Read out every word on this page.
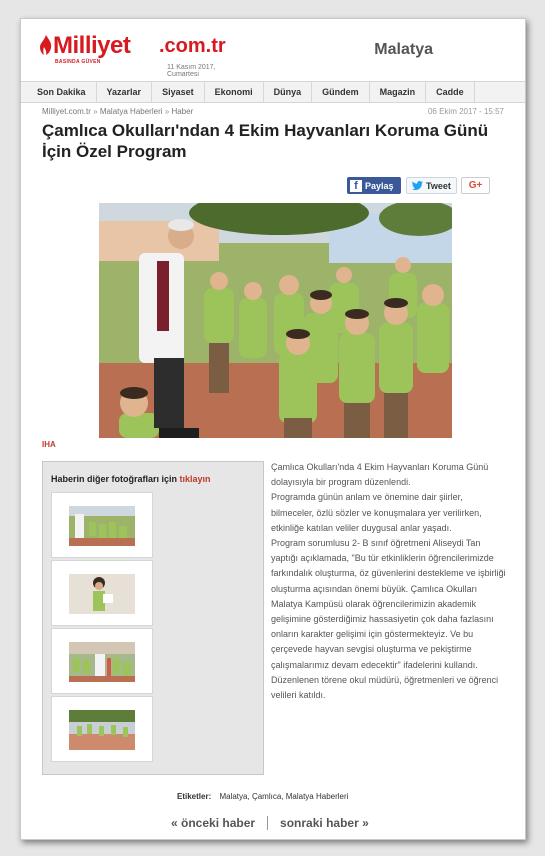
Milliyet .com.tr
BASINDA GÜVEN
11 Kasım 2017, Cumartesi
Malatya
Son Dakika	Yazarlar	Siyaset	Ekonomi	Dünya	Gündem	Magazin	Cadde
Milliyet.com.tr » Malatya Haberleri » Haber	06 Ekim 2017 - 15:57
Çamlıca Okulları'ndan 4 Ekim Hayvanları Koruma Günü İçin Özel Program
f Paylaş	Tweet G+
IHA
Haberin diğer fotoğrafları için tıklayın

Çamlıca Okulları'nda 4 Ekim Hayvanları Koruma Günü dolayısıyla bir program düzenlendi.

Programda günün anlam ve önemine dair şiirler, bilmeceler, özlü sözler ve konuşmalara yer verilirken, etkinliğe katılan veliler duygusal anlar yaşadı.

Program sorumlusu 2- B sınıf öğretmeni Aliseydi Tan yaptığı açıklamada, "Bu tür etkinliklerin öğrencilerimizde farkındalık oluşturma, öz güvenlerini destekleme ve işbirliği oluşturma açısından önemi büyük. Çamlıca Okulları Malatya Kampüsü olarak öğrencilerimizin akademik gelişimine gösterdiğimiz hassasiyetin çok daha fazlasını onların karakter gelişimi için göstermekteyiz. Ve bu çerçevede hayvan sevgisi oluşturma ve pekiştirme çalışmalarımız devam edecektir" ifadelerini kullandı.

Düzenlenen törene okul müdürü, öğretmenleri ve öğrenci velileri katıldı.

Etiketler: Malatya, Çamlıca, Malatya Haberleri
« önceki haber sonraki haber »
